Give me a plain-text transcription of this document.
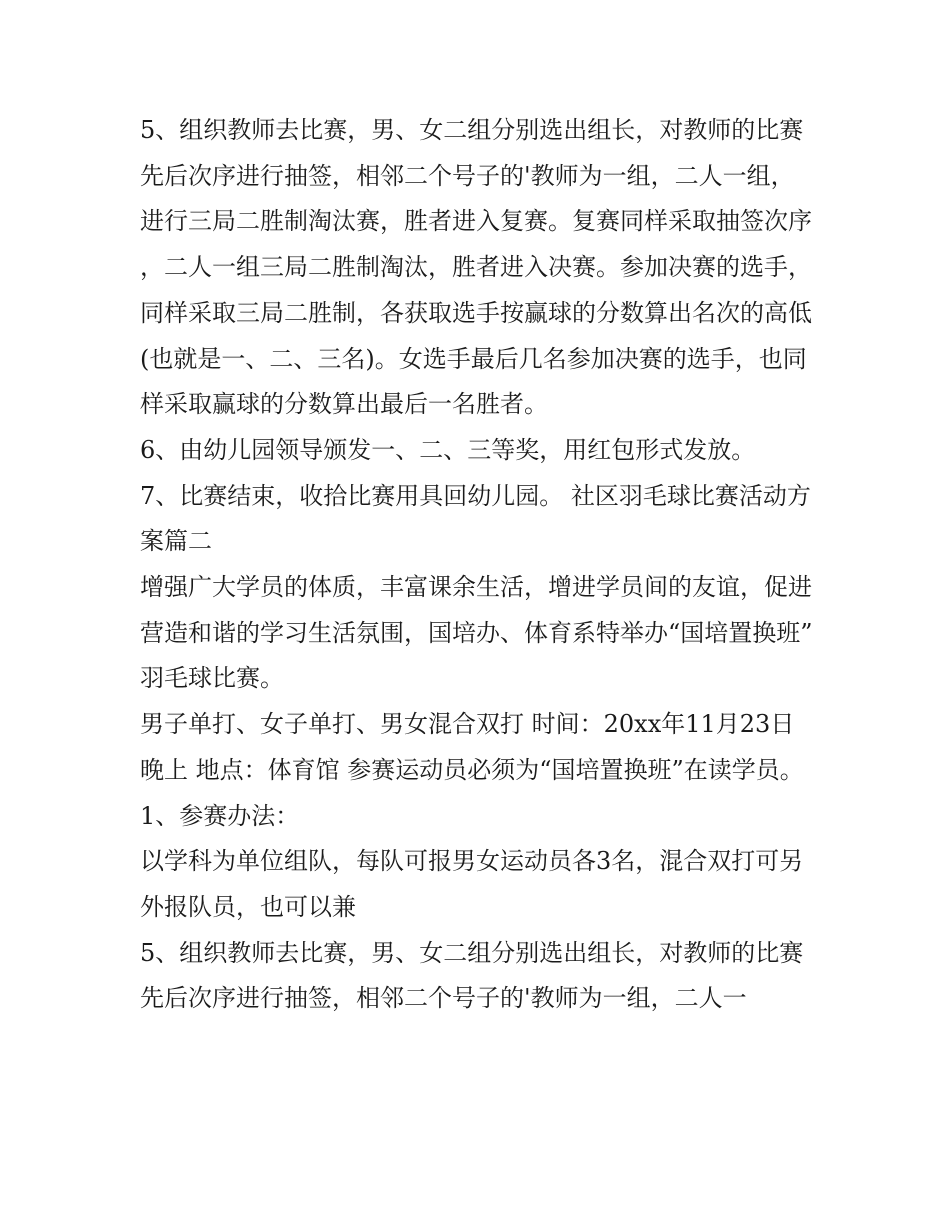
5、组织教师去比赛，男、女二组分别选出组长，对教师的比赛先后次序进行抽签，相邻二个号子的'教师为一组，二人一组，进行三局二胜制淘汰赛，胜者进入复赛。复赛同样采取抽签次序，二人一组三局二胜制淘汰，胜者进入决赛。参加决赛的选手，同样采取三局二胜制，各获取选手按赢球的分数算出名次的高低(也就是一、二、三名)。女选手最后几名参加决赛的选手，也同样采取赢球的分数算出最后一名胜者。

6、由幼儿园领导颁发一、二、三等奖，用红包形式发放。

7、比赛结束，收拾比赛用具回幼儿园。 社区羽毛球比赛活动方案篇二

增强广大学员的体质，丰富课余生活，增进学员间的友谊，促进营造和谐的学习生活氛围，国培办、体育系特举办“国培置换班”羽毛球比赛。

男子单打、女子单打、男女混合双打 时间：20xx年11月23日晚上 地点：体育馆 参赛运动员必须为“国培置换班”在读学员。 1、参赛办法：

以学科为单位组队，每队可报男女运动员各3名，混合双打可另外报队员，也可以兼

5、组织教师去比赛，男、女二组分别选出组长，对教师的比赛先后次序进行抽签，相邻二个号子的'教师为一组，二人一
